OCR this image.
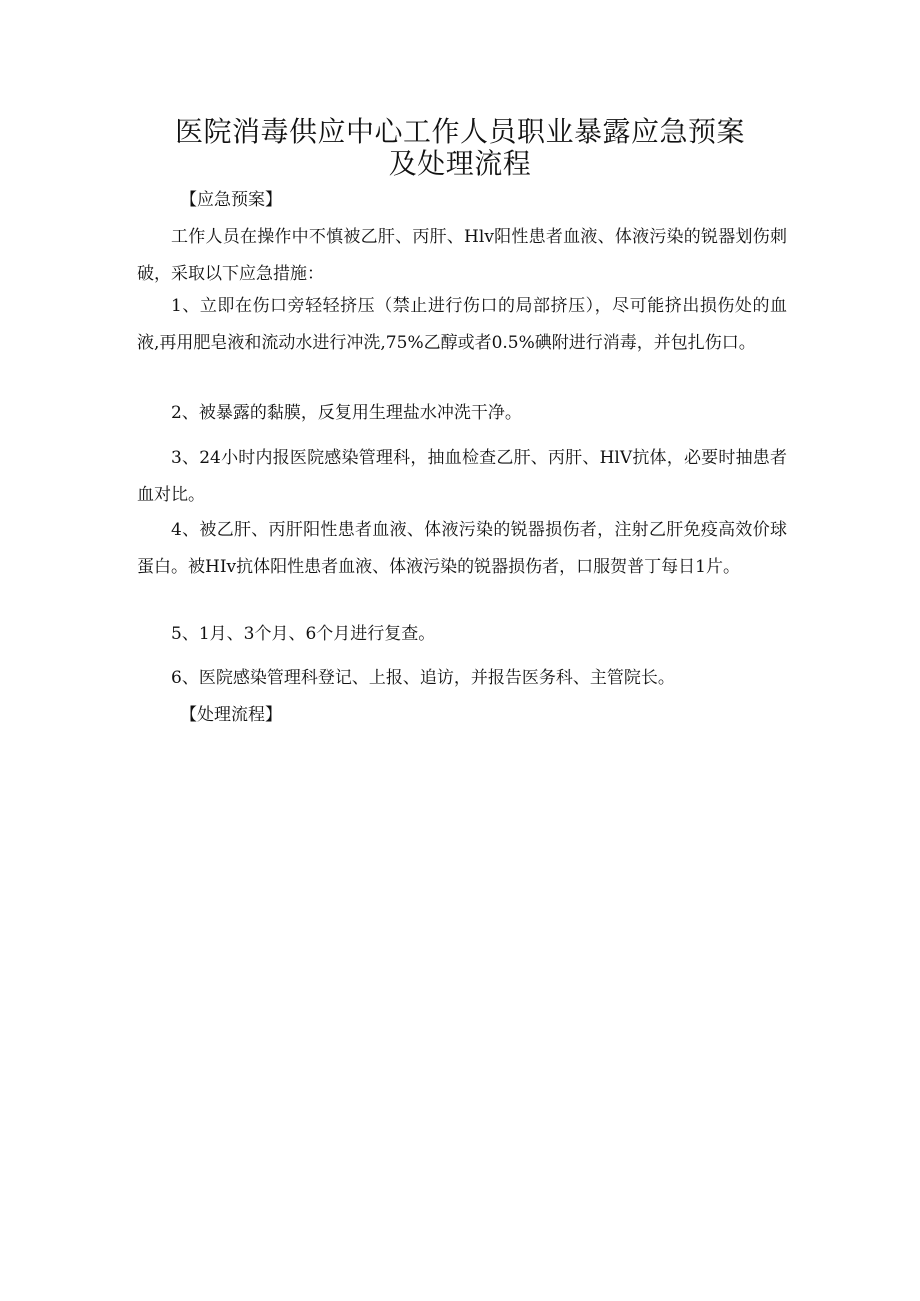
医院消毒供应中心工作人员职业暴露应急预案
及处理流程

【应急预案】

工作人员在操作中不慎被乙肝、丙肝、Hlv阳性患者血液、体液污染的锐器划伤刺破，采取以下应急措施：

1、立即在伤口旁轻轻挤压（禁止进行伤口的局部挤压），尽可能挤出损伤处的血液,再用肥皂液和流动水进行冲洗,75%乙醇或者0.5%碘附进行消毒，并包扎伤口。

2、被暴露的黏膜，反复用生理盐水冲洗干净。

3、24小时内报医院感染管理科，抽血检查乙肝、丙肝、HlV抗体，必要时抽患者血对比。

4、被乙肝、丙肝阳性患者血液、体液污染的锐器损伤者，注射乙肝免疫高效价球蛋白。被HIv抗体阳性患者血液、体液污染的锐器损伤者，口服贺普丁每日1片。

5、1月、3个月、6个月进行复查。

6、医院感染管理科登记、上报、追访，并报告医务科、主管院长。

【处理流程】
